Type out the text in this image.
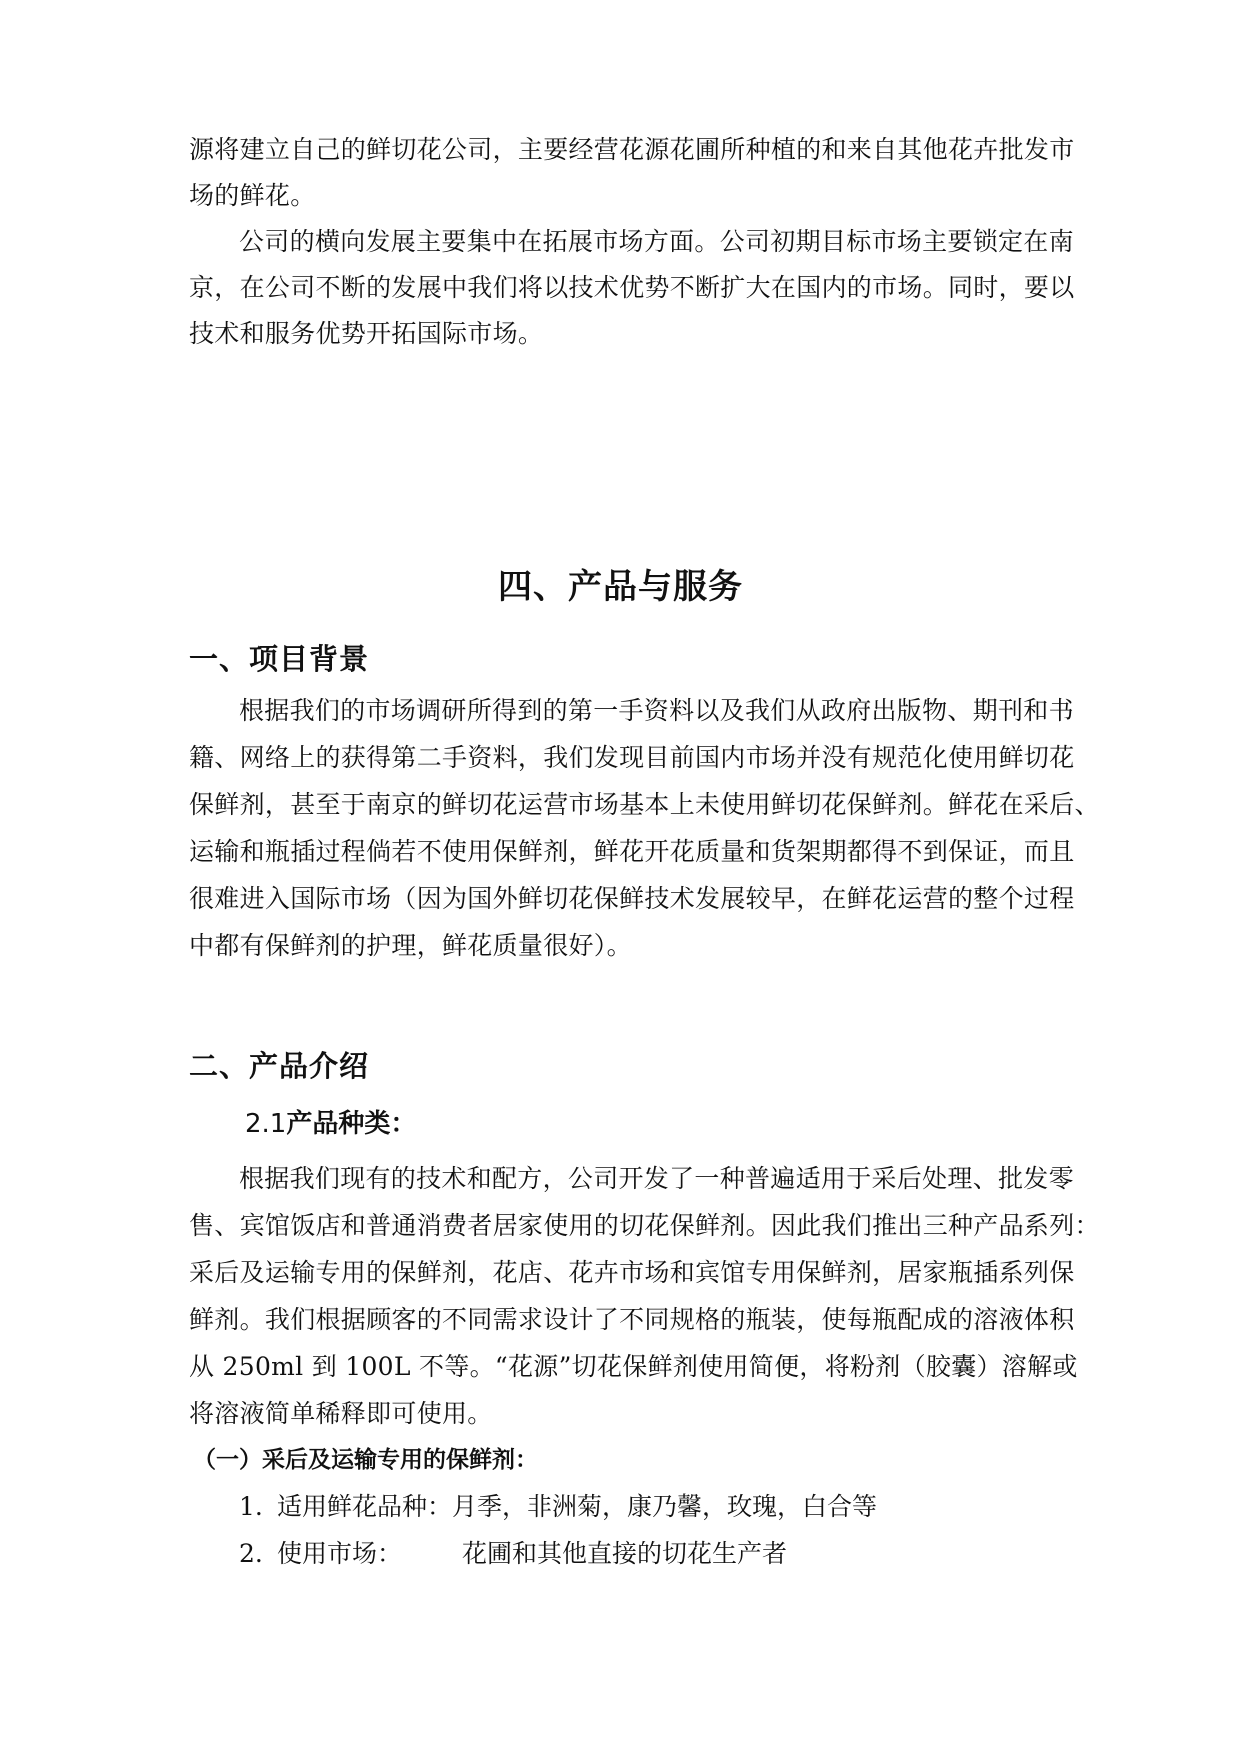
源将建立自己的鲜切花公司，主要经营花源花圃所种植的和来自其他花卉批发市
场的鲜花。
公司的横向发展主要集中在拓展市场方面。公司初期目标市场主要锁定在南
京，在公司不断的发展中我们将以技术优势不断扩大在国内的市场。同时，要以
技术和服务优势开拓国际市场。
四、产品与服务
一、项目背景
根据我们的市场调研所得到的第一手资料以及我们从政府出版物、期刊和书
籍、网络上的获得第二手资料，我们发现目前国内市场并没有规范化使用鲜切花
保鲜剂，甚至于南京的鲜切花运营市场基本上未使用鲜切花保鲜剂。鲜花在采后、
运输和瓶插过程倘若不使用保鲜剂，鲜花开花质量和货架期都得不到保证，而且
很难进入国际市场（因为国外鲜切花保鲜技术发展较早，在鲜花运营的整个过程
中都有保鲜剂的护理，鲜花质量很好）。
二、产品介绍
2.1产品种类：
根据我们现有的技术和配方，公司开发了一种普遍适用于采后处理、批发零
售、宾馆饭店和普通消费者居家使用的切花保鲜剂。因此我们推出三种产品系列：
采后及运输专用的保鲜剂，花店、花卉市场和宾馆专用保鲜剂，居家瓶插系列保
鲜剂。我们根据顾客的不同需求设计了不同规格的瓶装，使每瓶配成的溶液体积
从 250ml 到 100L 不等。“花源”切花保鲜剂使用简便，将粉剂（胶囊）溶解或
将溶液简单稀释即可使用。
（一）采后及运输专用的保鲜剂：
1. 适用鲜花品种：月季，非洲菊，康乃馨，玫瑰，白合等
2. 使用市场： 花圃和其他直接的切花生产者
